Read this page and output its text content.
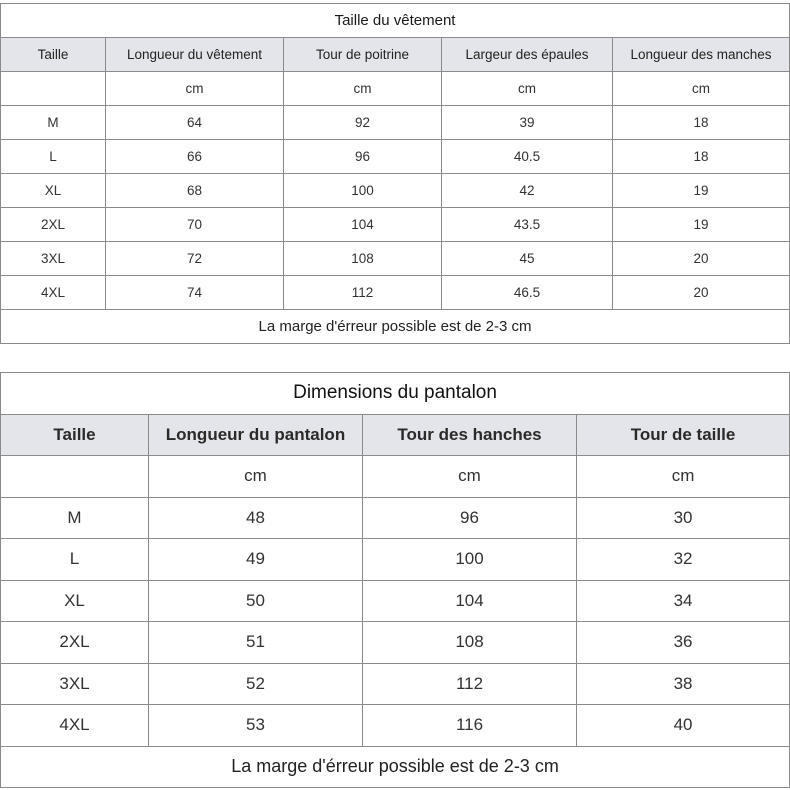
Taille du vêtement				
Taille	Longueur du vêtement	Tour de poitrine	Largeur des épaules	Longueur des manches
	cm	cm	cm	cm
M	64	92	39	18
L	66	96	40.5	18
XL	68	100	42	19
2XL	70	104	43.5	19
3XL	72	108	45	20
4XL	74	112	46.5	20
La marge d'érreur possible est de 2-3 cm				
Dimensions du pantalon			
Taille	Longueur du pantalon	Tour des hanches	Tour de taille
	cm	cm	cm
M	48	96	30
L	49	100	32
XL	50	104	34
2XL	51	108	36
3XL	52	112	38
4XL	53	116	40
La marge d'érreur possible est de 2-3 cm			
